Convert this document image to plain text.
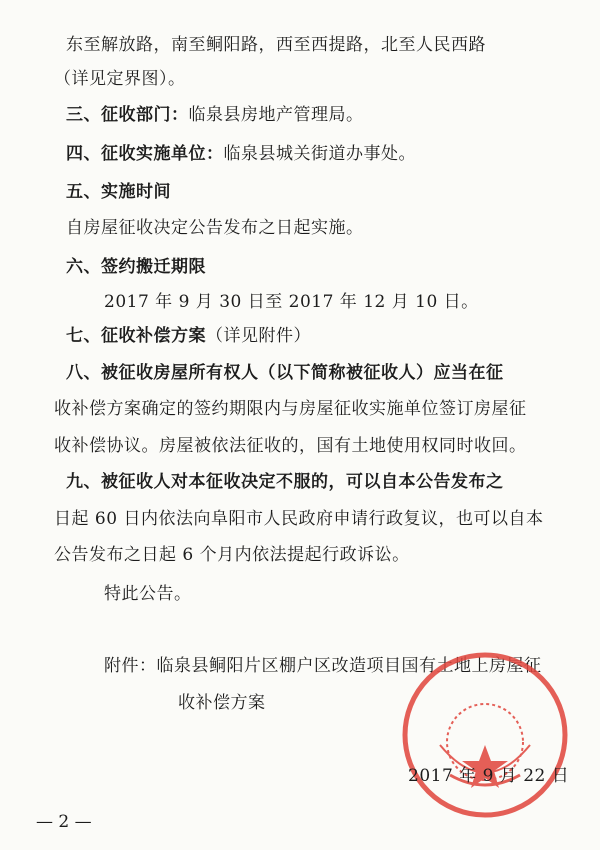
东至解放路，南至鲖阳路，西至西提路，北至人民西路
（详见定界图）。
三、征收部门：临泉县房地产管理局。
四、征收实施单位：临泉县城关街道办事处。
五、实施时间
自房屋征收决定公告发布之日起实施。
六、签约搬迁期限
2017 年 9 月 30 日至 2017 年 12 月 10 日。
七、征收补偿方案（详见附件）
八、被征收房屋所有权人（以下简称被征收人）应当在征
收补偿方案确定的签约期限内与房屋征收实施单位签订房屋征
收补偿协议。房屋被依法征收的，国有土地使用权同时收回。
九、被征收人对本征收决定不服的，可以自本公告发布之
日起 60 日内依法向阜阳市人民政府申请行政复议，也可以自本
公告发布之日起 6 个月内依法提起行政诉讼。
特此公告。
附件：临泉县鲖阳片区棚户区改造项目国有土地上房屋征
收补偿方案
2017 年 9 月 22 日
— 2 —
